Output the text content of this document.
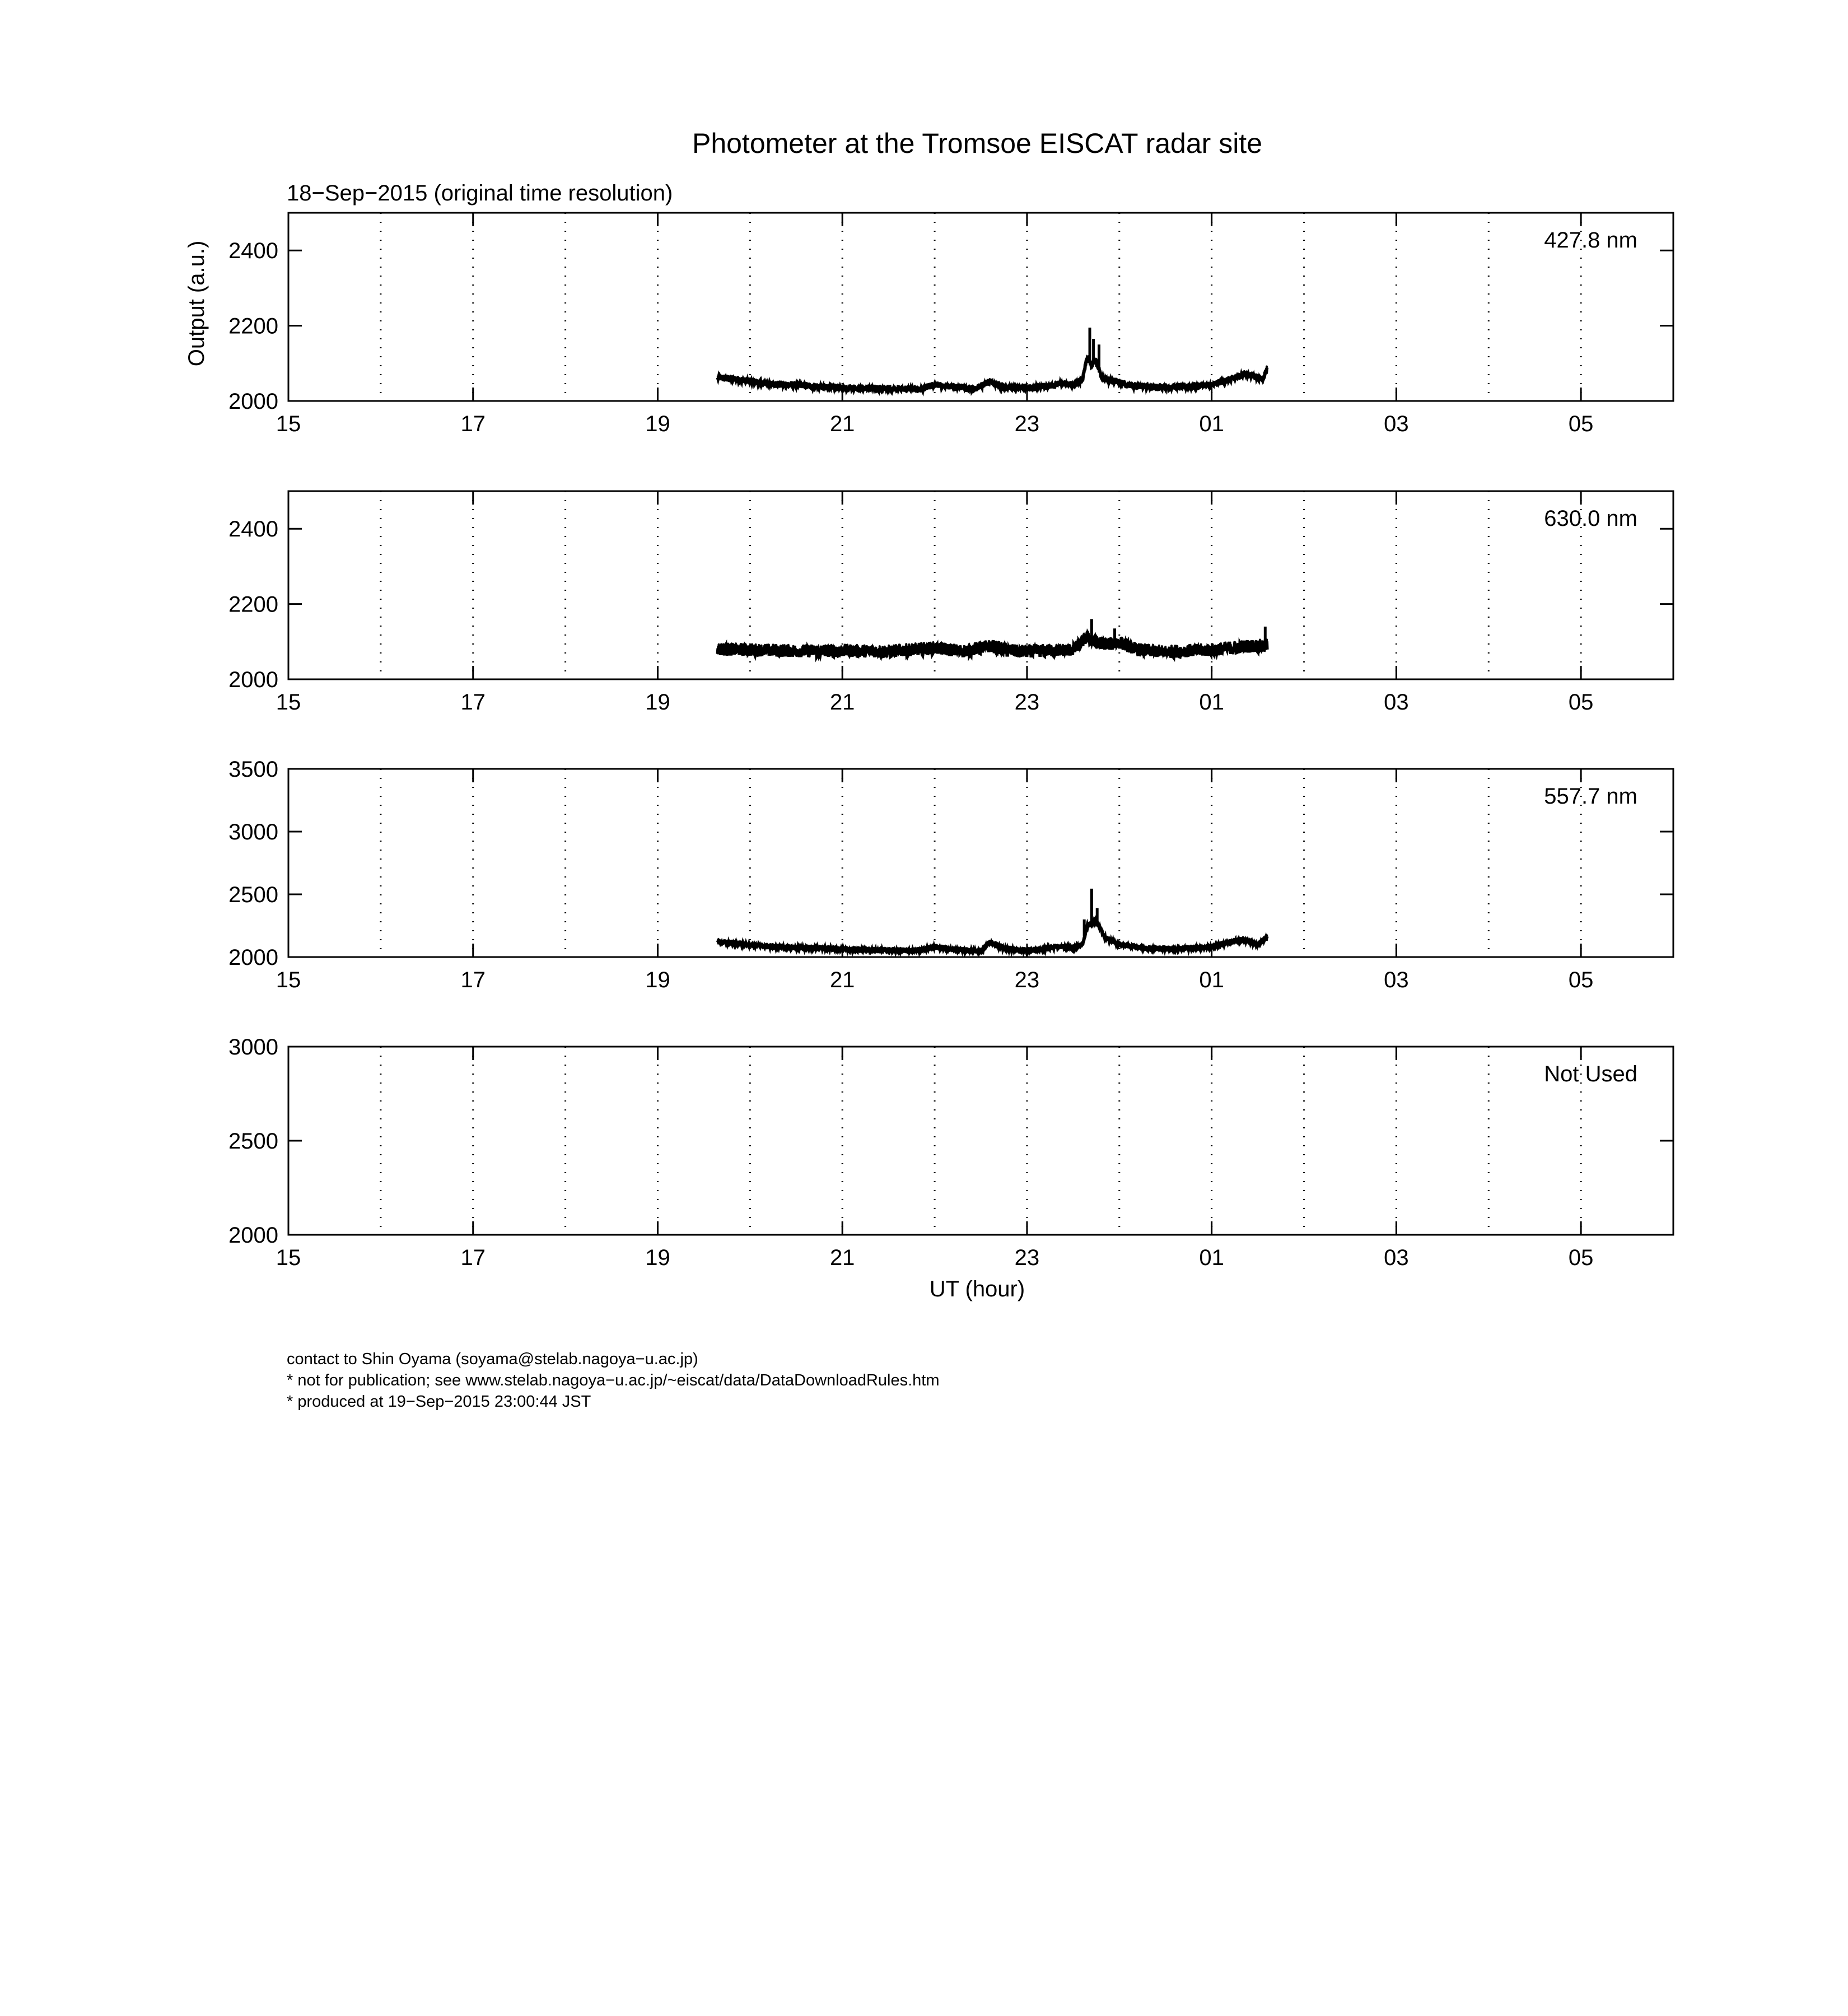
Photometer at the Tromsoe EISCAT radar site
18−Sep−2015 (original time resolution)
Output (a.u.)
UT (hour)
contact to Shin Oyama (soyama@stelab.nagoya−u.ac.jp)
* not for publication; see www.stelab.nagoya−u.ac.jp/~eiscat/data/DataDownloadRules.htm
* produced at 19−Sep−2015 23:00:44 JST
15	17	19	21	23	01	03	05
2000
2200
2400	427.8 nm
15	17	19	21	23	01	03	05
2000
2200
2400	630.0 nm
15	17	19	21	23	01	03	05
2000
2500
3000
3500
557.7 nm
15	17	19	21	23	01	03	05
2000
2500
3000
Not Used
